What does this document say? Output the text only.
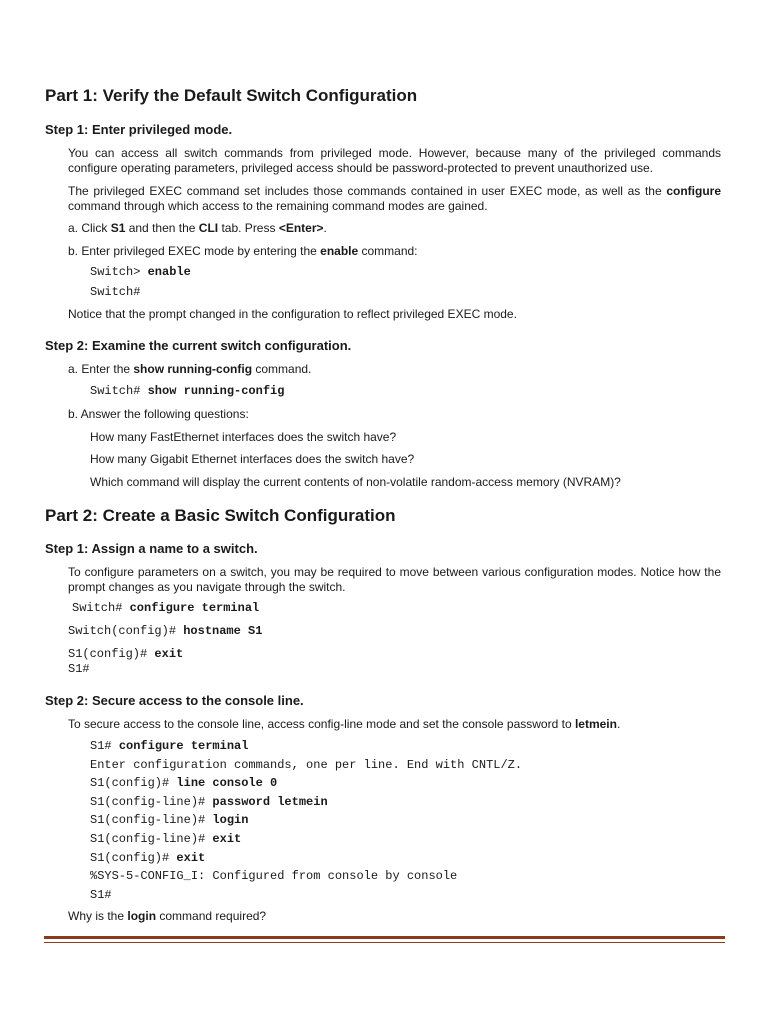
Part 1: Verify the Default Switch Configuration
Step 1: Enter privileged mode.

You can access all switch commands from privileged mode. However, because many of the privileged commands configure operating parameters, privileged access should be password-protected to prevent unauthorized use.

The privileged EXEC command set includes those commands contained in user EXEC mode, as well as the configure command through which access to the remaining command modes are gained.

a. Click S1 and then the CLI tab. Press <Enter>.

b. Enter privileged EXEC mode by entering the enable command:

Switch> enable

Switch#

Notice that the prompt changed in the configuration to reflect privileged EXEC mode.

Step 2: Examine the current switch configuration.

a. Enter the show running-config command.

Switch# show running-config

b. Answer the following questions:

How many FastEthernet interfaces does the switch have?

How many Gigabit Ethernet interfaces does the switch have?

Which command will display the current contents of non-volatile random-access memory (NVRAM)?

Part 2: Create a Basic Switch Configuration
Step 1: Assign a name to a switch.

To configure parameters on a switch, you may be required to move between various configuration modes. Notice how the prompt changes as you navigate through the switch.

Switch# configure terminal

Switch(config)# hostname S1

S1(config)# exit

S1#

Step 2: Secure access to the console line.

To secure access to the console line, access config-line mode and set the console password to letmein.

S1# configure terminal

Enter configuration commands, one per line. End with CNTL/Z.

S1(config)# line console 0

S1(config-line)# password letmein

S1(config-line)# login

S1(config-line)# exit

S1(config)# exit

%SYS-5-CONFIG_I: Configured from console by console

S1#

Why is the login command required?
